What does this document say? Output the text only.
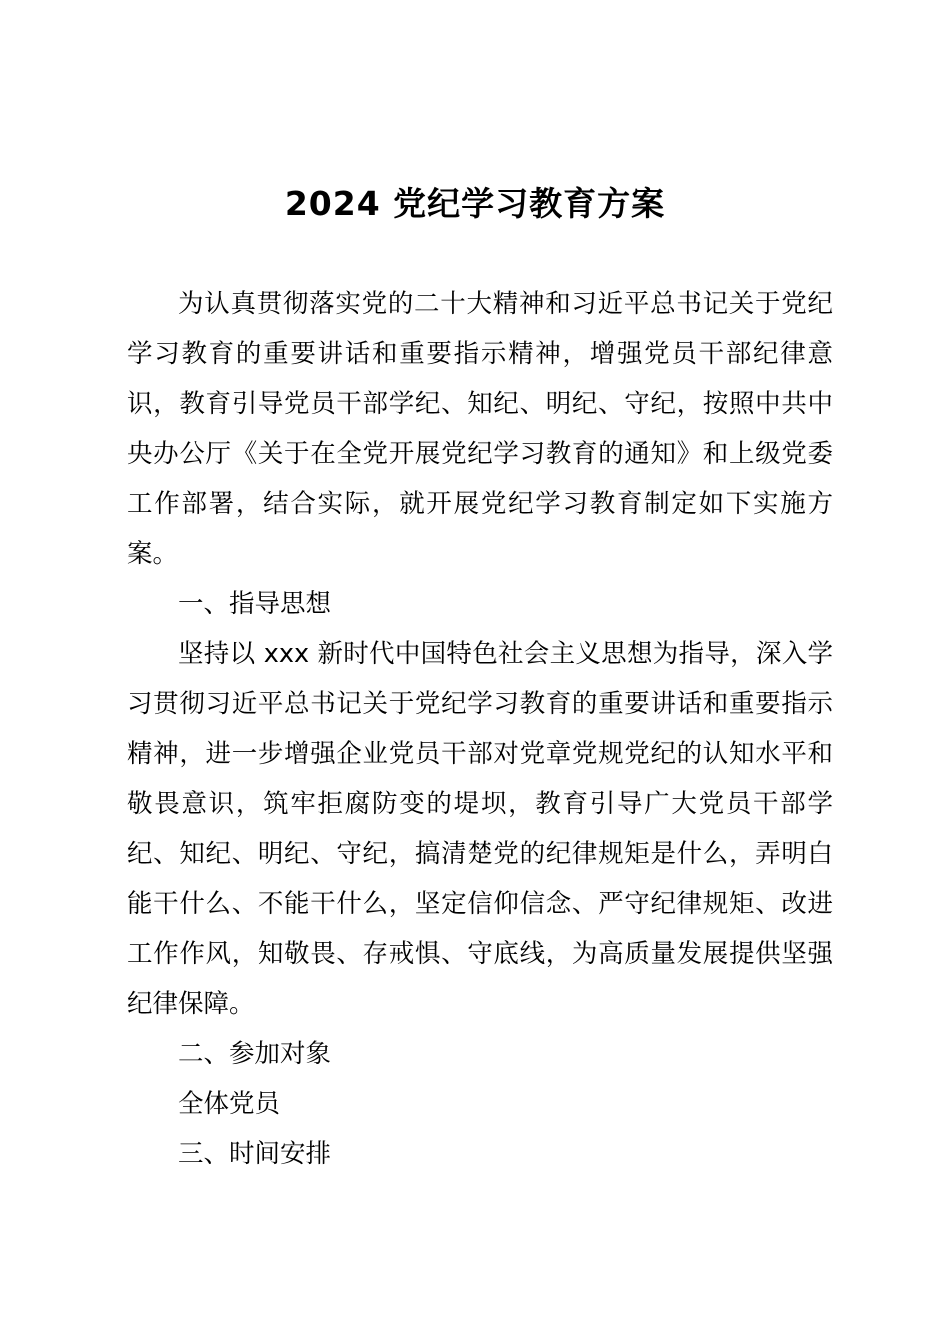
2024 党纪学习教育方案

为认真贯彻落实党的二十大精神和习近平总书记关于党纪学习教育的重要讲话和重要指示精神，增强党员干部纪律意识，教育引导党员干部学纪、知纪、明纪、守纪，按照中共中央办公厅《关于在全党开展党纪学习教育的通知》和上级党委工作部署，结合实际，就开展党纪学习教育制定如下实施方案。

一、指导思想

坚持以 xxx 新时代中国特色社会主义思想为指导，深入学习贯彻习近平总书记关于党纪学习教育的重要讲话和重要指示精神，进一步增强企业党员干部对党章党规党纪的认知水平和敬畏意识，筑牢拒腐防变的堤坝，教育引导广大党员干部学纪、知纪、明纪、守纪，搞清楚党的纪律规矩是什么，弄明白能干什么、不能干什么，坚定信仰信念、严守纪律规矩、改进工作作风，知敬畏、存戒惧、守底线，为高质量发展提供坚强纪律保障。

二、参加对象

全体党员

三、时间安排
